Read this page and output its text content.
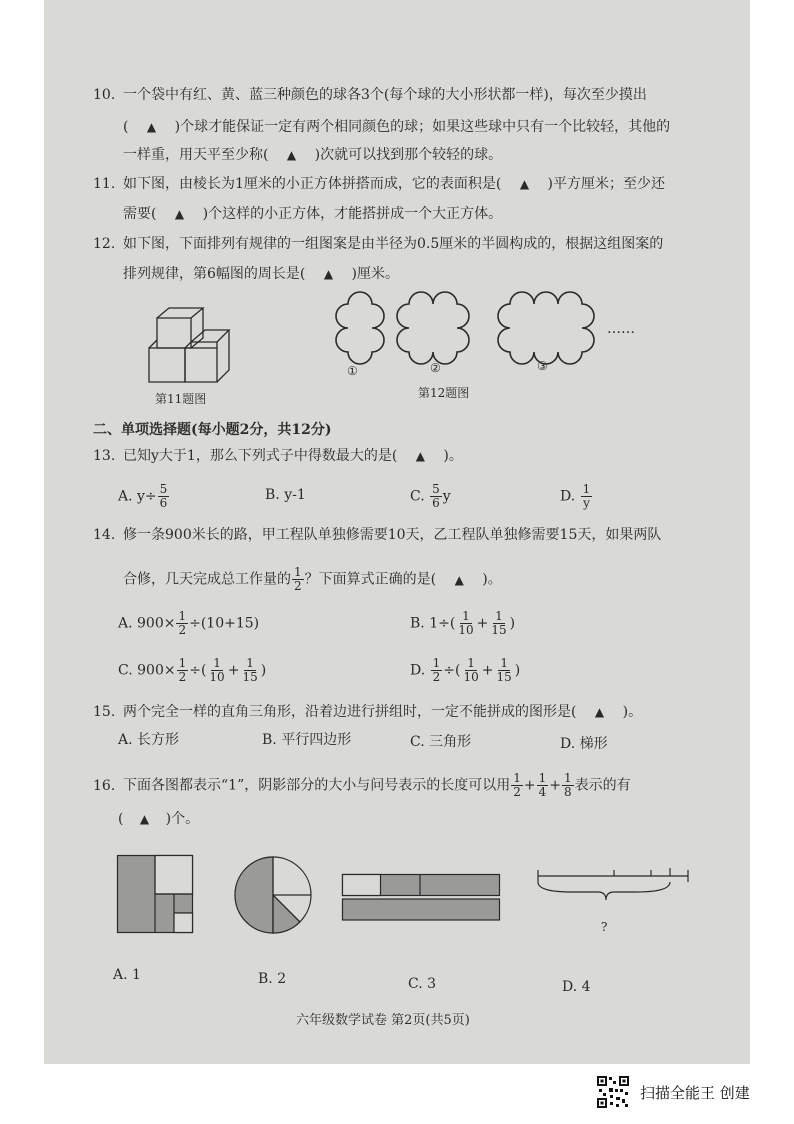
10. 一个袋中有红、黄、蓝三种颜色的球各3个(每个球的大小形状都一样)，每次至少摸出
( ▲ )个球才能保证一定有两个相同颜色的球；如果这些球中只有一个比较轻，其他的
一样重，用天平至少称( ▲ )次就可以找到那个较轻的球。
11. 如下图，由棱长为1厘米的小正方体拼搭而成，它的表面积是( ▲ )平方厘米；至少还
需要( ▲ )个这样的小正方体，才能搭拼成一个大正方体。
12. 如下图，下面排列有规律的一组图案是由半径为0.5厘米的半圆构成的，根据这组图案的
排列规律，第6幅图的周长是( ▲ )厘米。
第11题图
……
①	②	③
第12题图
二、单项选择题(每小题2分，共12分)
13. 已知y大于1，那么下列式子中得数最大的是( ▲ )。
A. $y\div \frac{5}{6}$	B. y-1	C. $\frac{5}{6}$ y	D. $\frac{1}{y}$
14. 修一条900米长的路，甲工程队单独修需要10天，乙工程队单独修需要15天，如果两队
合修，几天完成总工作量的 $\frac{1}{2}$ ？下面算式正确的是( ▲ )。
A. $900\times \frac{1}{2} \div(10+15)$	B. $1\div( \frac{1}{10} + \frac{1}{15}$ )
C. $900\times \frac{1}{2}$ ÷( $\frac{1}{10} + \frac{1}{15}$ )	D. $\frac{1}{2}$ ÷( $\frac{1}{10} + \frac{1}{15}$ )
15. 两个完全一样的直角三角形，沿着边进行拼组时，一定不能拼成的图形是( ▲ )。
A. 长方形	B. 平行四边形	C. 三角形	D. 梯形
16. 下面各图都表示“1”，阴影部分的大小与问号表示的长度可以用 $\frac{1}{2} + \frac{1}{4} + \frac{1}{8}$ 表示的有
( ▲ )个。
?
A. 1	B. 2	C. 3	D. 4
六年级数学试卷 第2页(共5页)
扫描全能王 创建
